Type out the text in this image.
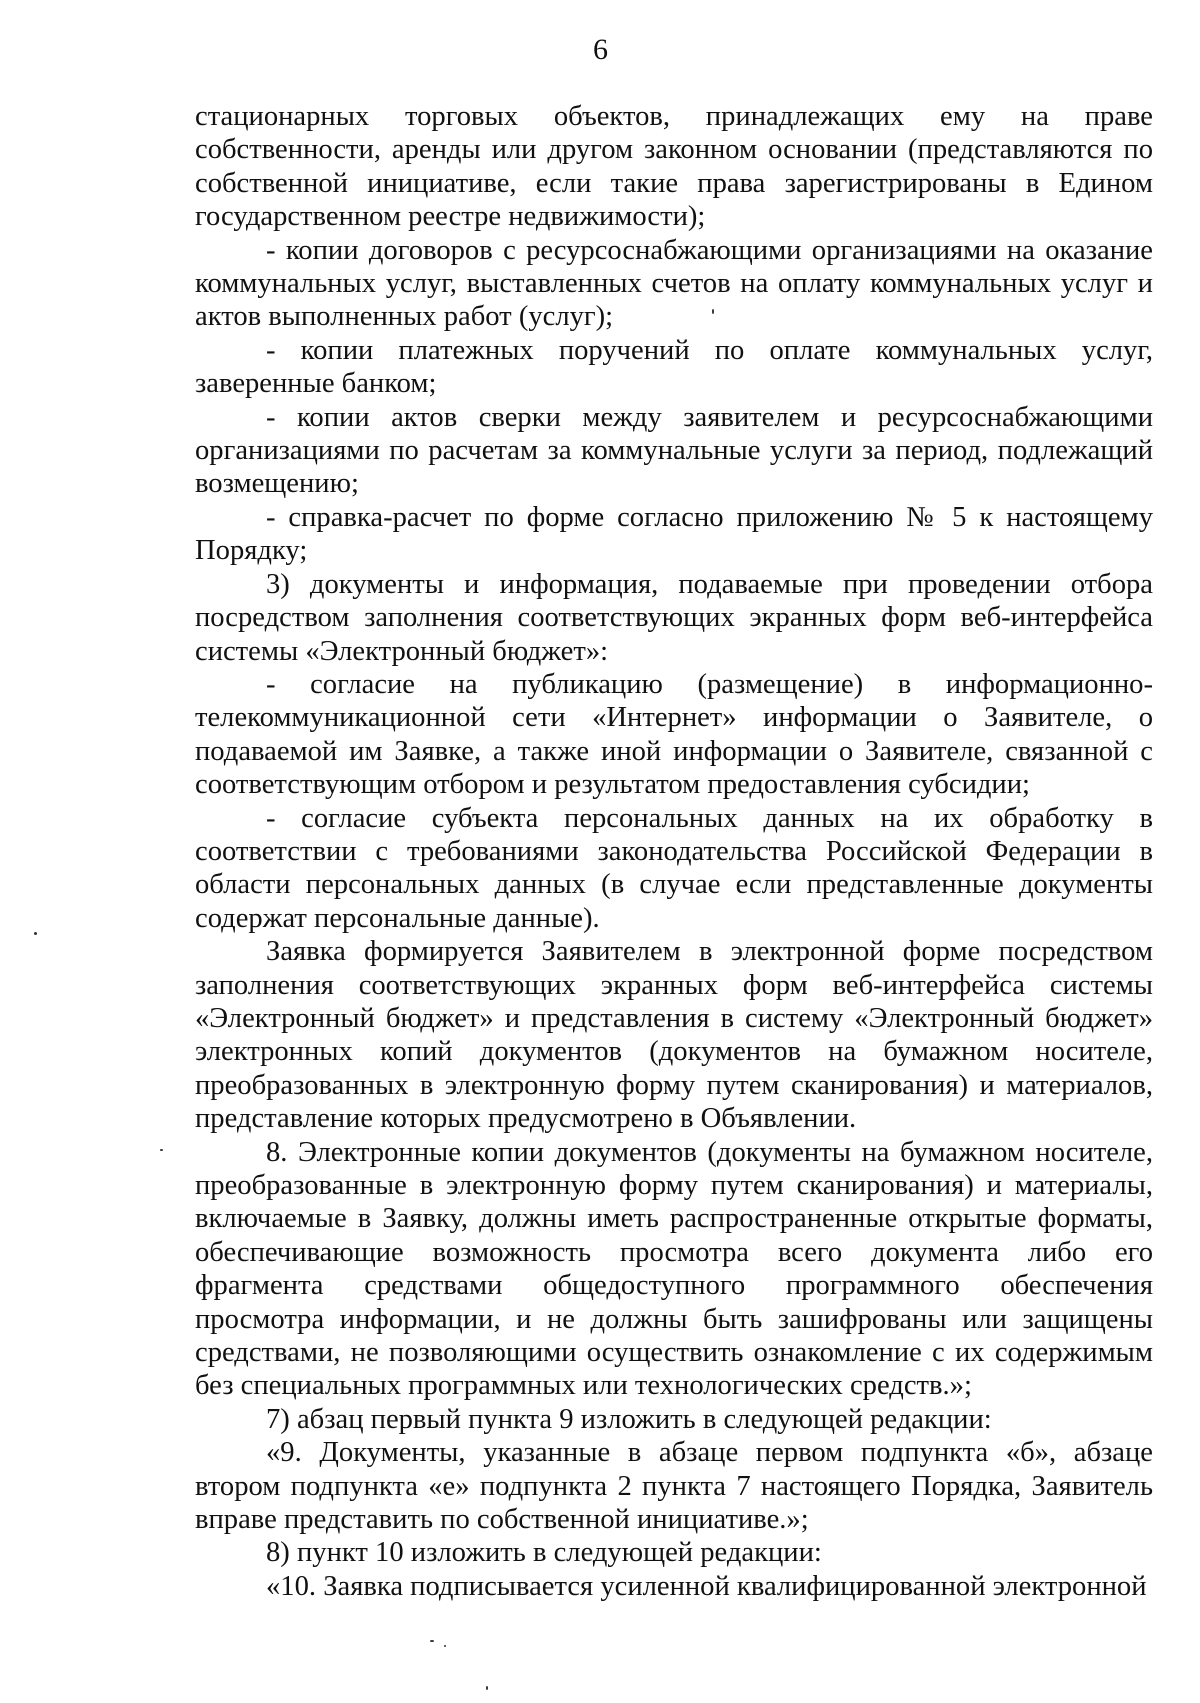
6

стационарных торговых объектов, принадлежащих ему на праве собственности, аренды или другом законном основании (представляются по собственной инициативе, если такие права зарегистрированы в Едином государственном реестре недвижимости);

- копии договоров с ресурсоснабжающими организациями на оказание коммунальных услуг, выставленных счетов на оплату коммунальных услуг и актов выполненных работ (услуг);

- копии платежных поручений по оплате коммунальных услуг, заверенные банком;

- копии актов сверки между заявителем и ресурсоснабжающими организациями по расчетам за коммунальные услуги за период, подлежащий возмещению;

- справка-расчет по форме согласно приложению № 5 к настоящему Порядку;

3) документы и информация, подаваемые при проведении отбора посредством заполнения соответствующих экранных форм веб-интерфейса системы «Электронный бюджет»:

- согласие на публикацию (размещение) в информационно-телекоммуникационной сети «Интернет» информации о Заявителе, о подаваемой им Заявке, а также иной информации о Заявителе, связанной с соответствующим отбором и результатом предоставления субсидии;

- согласие субъекта персональных данных на их обработку в соответствии с требованиями законодательства Российской Федерации в области персональных данных (в случае если представленные документы содержат персональные данные).

Заявка формируется Заявителем в электронной форме посредством заполнения соответствующих экранных форм веб-интерфейса системы «Электронный бюджет» и представления в систему «Электронный бюджет» электронных копий документов (документов на бумажном носителе, преобразованных в электронную форму путем сканирования) и материалов, представление которых предусмотрено в Объявлении.

8. Электронные копии документов (документы на бумажном носителе, преобразованные в электронную форму путем сканирования) и материалы, включаемые в Заявку, должны иметь распространенные открытые форматы, обеспечивающие возможность просмотра всего документа либо его фрагмента средствами общедоступного программного обеспечения просмотра информации, и не должны быть зашифрованы или защищены средствами, не позволяющими осуществить ознакомление с их содержимым без специальных программных или технологических средств.»;

7) абзац первый пункта 9 изложить в следующей редакции:

«9. Документы, указанные в абзаце первом подпункта «б», абзаце втором подпункта «е» подпункта 2 пункта 7 настоящего Порядка, Заявитель вправе представить по собственной инициативе.»;

8) пункт 10 изложить в следующей редакции:

«10. Заявка подписывается усиленной квалифицированной электронной
